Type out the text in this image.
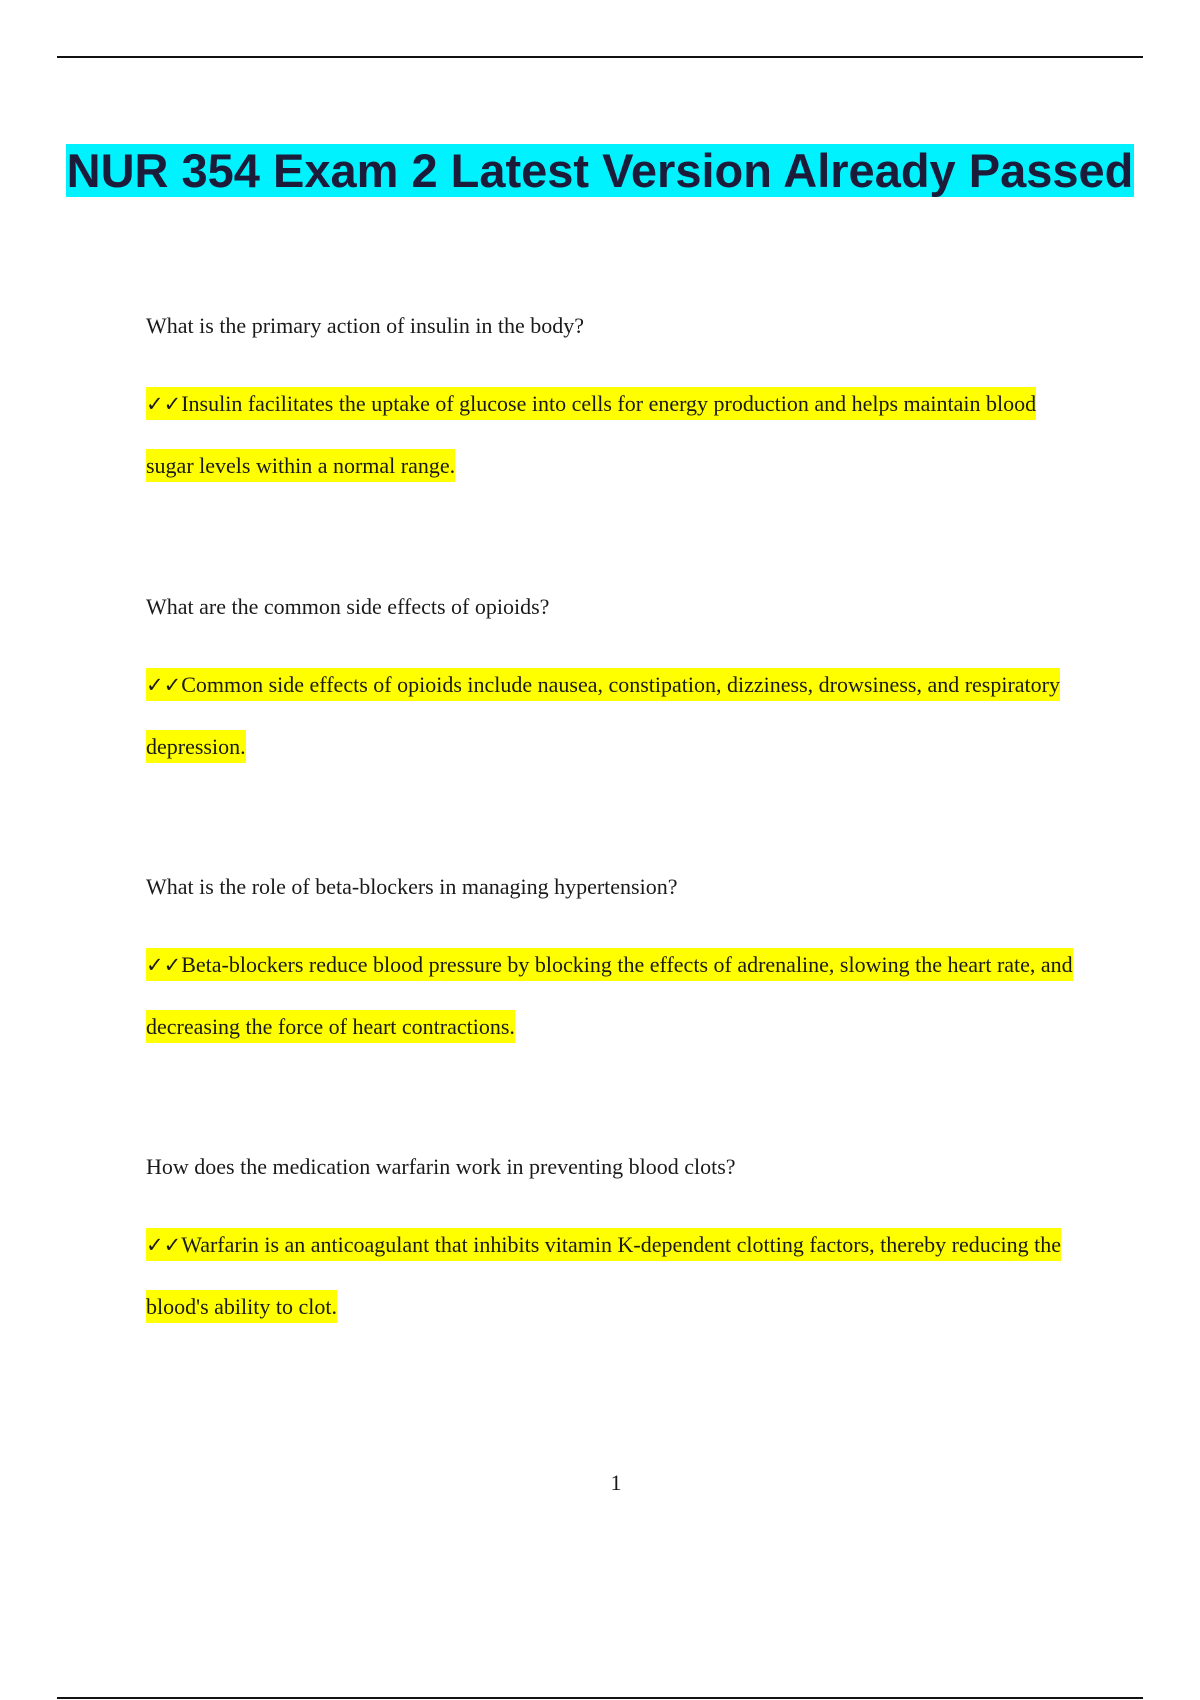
NUR 354 Exam 2 Latest Version Already Passed

What is the primary action of insulin in the body?

✓✓Insulin facilitates the uptake of glucose into cells for energy production and helps maintain blood sugar levels within a normal range.

What are the common side effects of opioids?

✓✓Common side effects of opioids include nausea, constipation, dizziness, drowsiness, and respiratory depression.

What is the role of beta-blockers in managing hypertension?

✓✓Beta-blockers reduce blood pressure by blocking the effects of adrenaline, slowing the heart rate, and decreasing the force of heart contractions.

How does the medication warfarin work in preventing blood clots?

✓✓Warfarin is an anticoagulant that inhibits vitamin K-dependent clotting factors, thereby reducing the blood's ability to clot.

1
